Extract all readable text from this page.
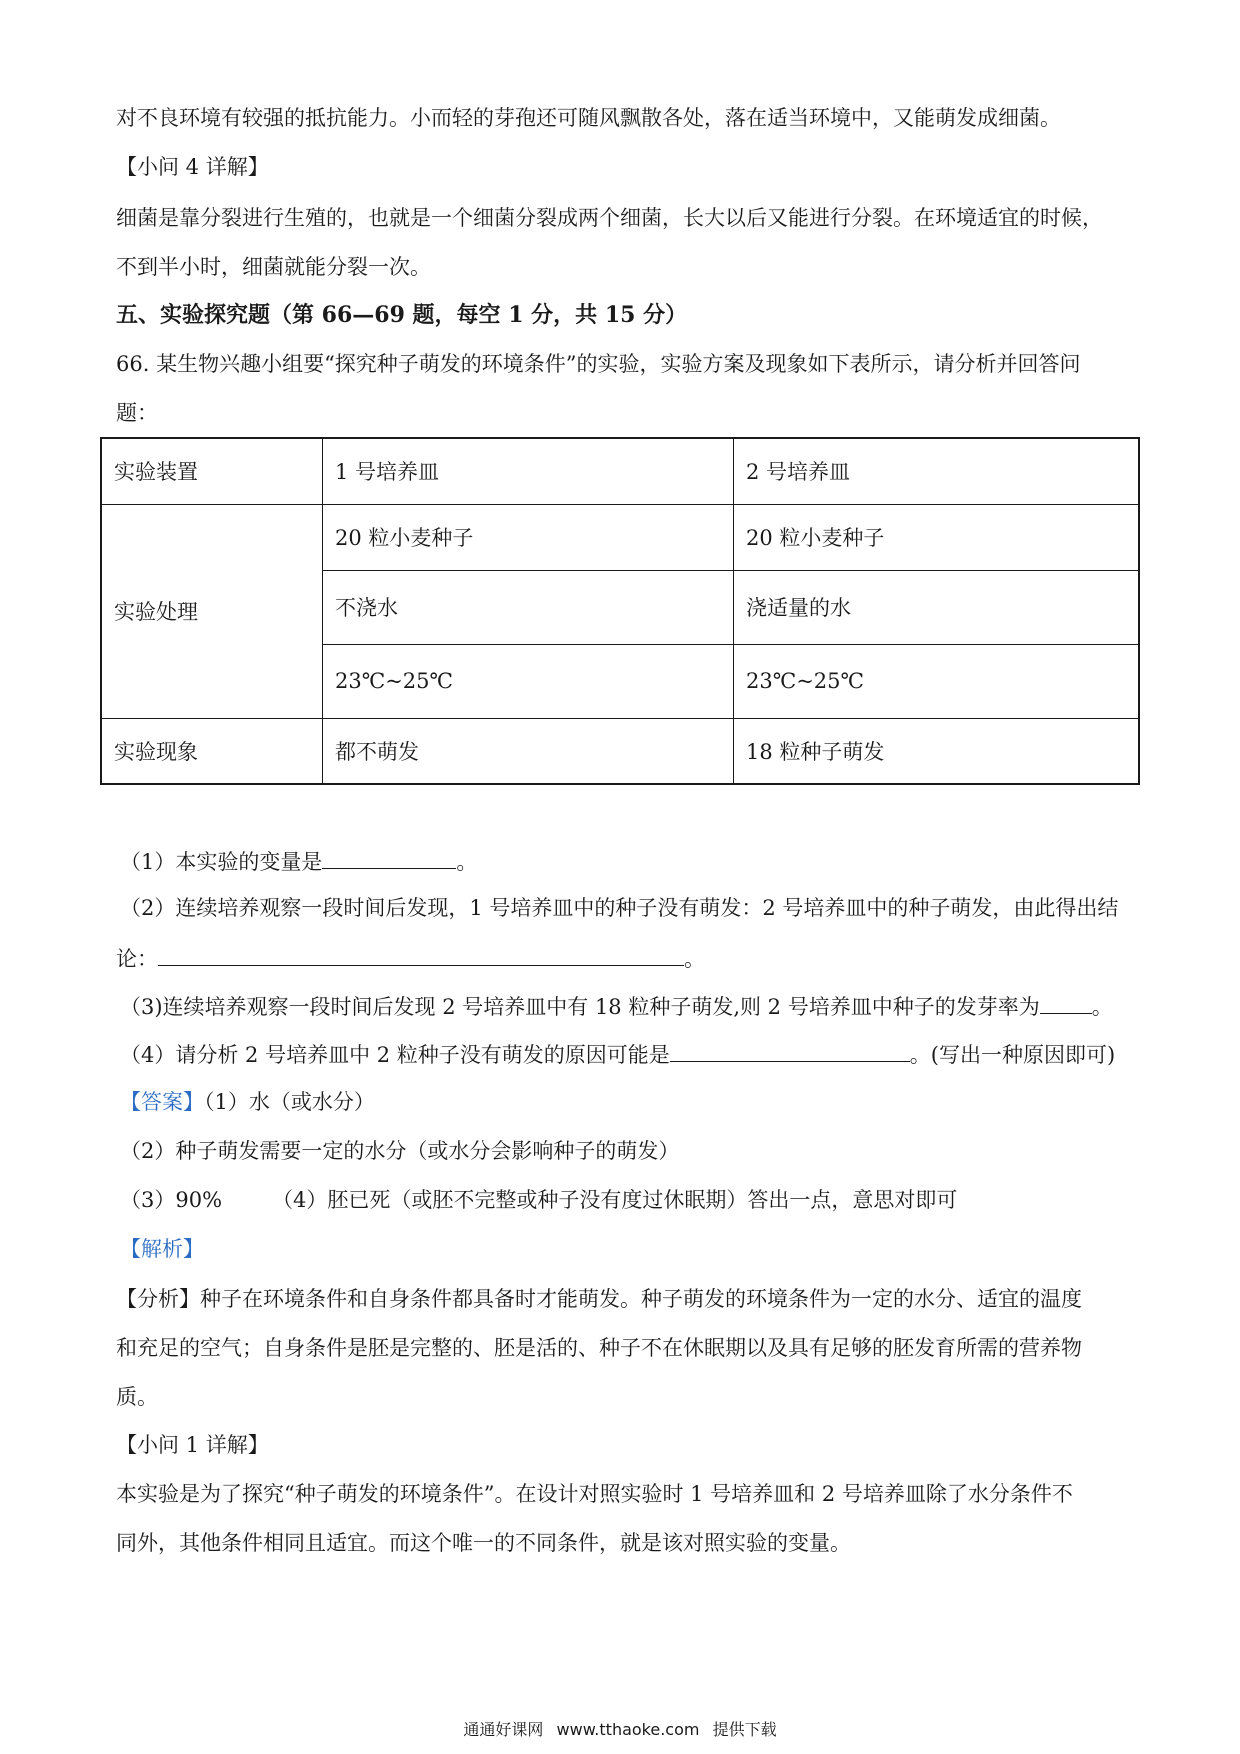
对不良环境有较强的抵抗能力。小而轻的芽孢还可随风飘散各处，落在适当环境中，又能萌发成细菌。
【小问 4 详解】
细菌是靠分裂进行生殖的，也就是一个细菌分裂成两个细菌，长大以后又能进行分裂。在环境适宜的时候，
不到半小时，细菌就能分裂一次。
五、实验探究题（第 66—69 题，每空 1 分，共 15 分）
66. 某生物兴趣小组要“探究种子萌发的环境条件”的实验，实验方案及现象如下表所示，请分析并回答问
题：
实验装置	1 号培养皿	2 号培养皿
实验处理	20 粒小麦种子	20 粒小麦种子
	不浇水	浇适量的水
	23℃~25℃	23℃~25℃
实验现象	都不萌发	18 粒种子萌发
（1）本实验的变量是	。
（2）连续培养观察一段时间后发现，1 号培养皿中的种子没有萌发：2 号培养皿中的种子萌发，由此得出结
论：	。
（3)连续培养观察一段时间后发现 2 号培养皿中有 18 粒种子萌发,则 2 号培养皿中种子的发芽率为 。
（4）请分析 2 号培养皿中 2 粒种子没有萌发的原因可能是	。(写出一种原因即可)
【答案】（1）水（或水分）
（2）种子萌发需要一定的水分（或水分会影响种子的萌发）
（3）90% （4）胚已死（或胚不完整或种子没有度过休眠期）答出一点，意思对即可
【解析】
【分析】种子在环境条件和自身条件都具备时才能萌发。种子萌发的环境条件为一定的水分、适宜的温度
和充足的空气；自身条件是胚是完整的、胚是活的、种子不在休眠期以及具有足够的胚发育所需的营养物
质。
【小问 1 详解】
本实验是为了探究“种子萌发的环境条件”。在设计对照实验时 1 号培养皿和 2 号培养皿除了水分条件不
同外，其他条件相同且适宜。而这个唯一的不同条件，就是该对照实验的变量。
通通好课网 www.tthaoke.com 提供下载
